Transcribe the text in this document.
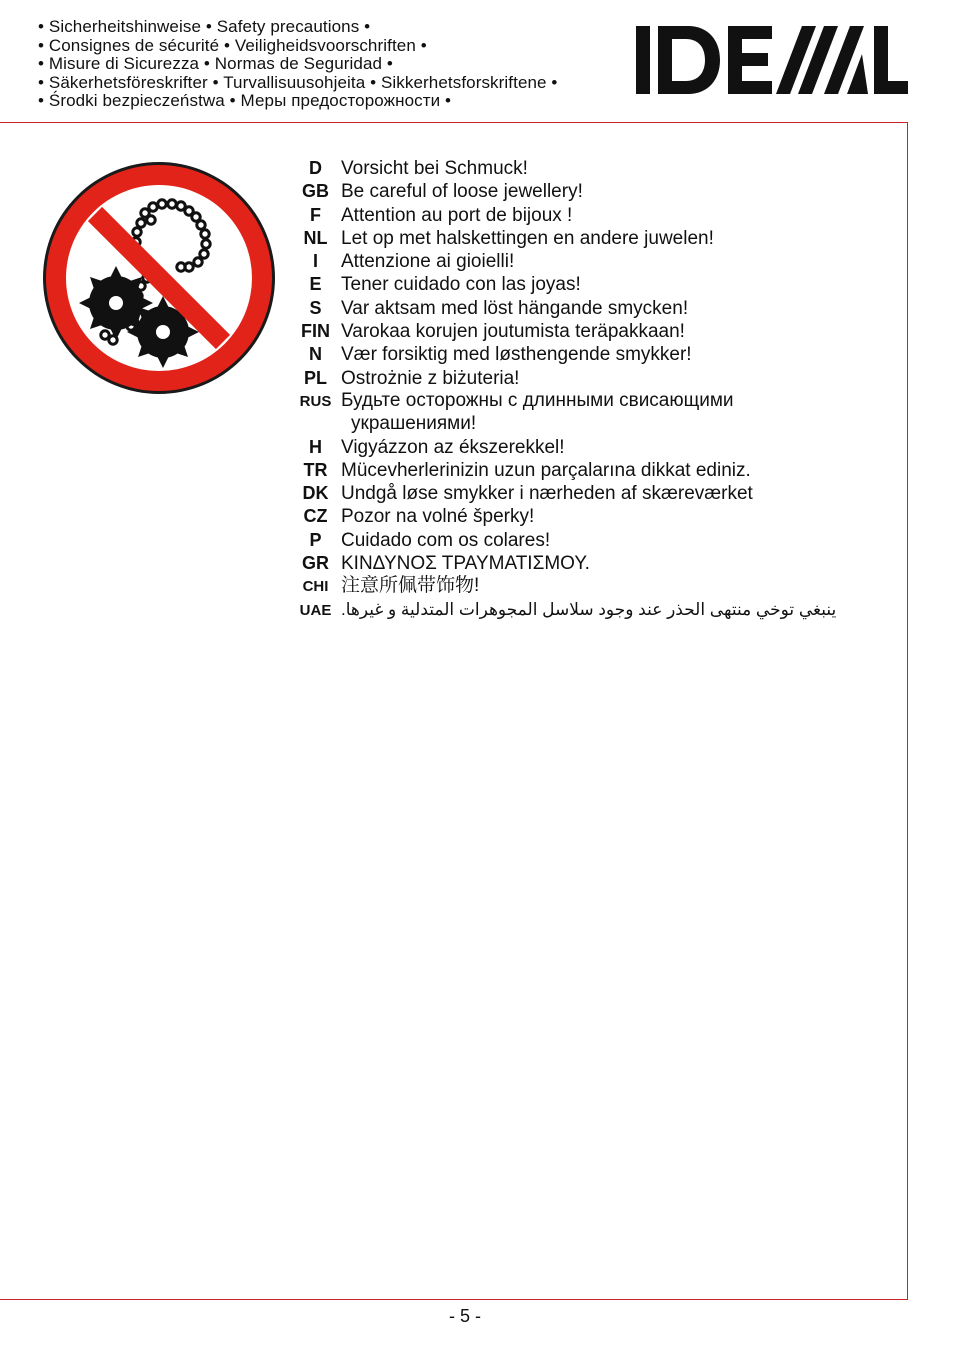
• Sicherheitshinweise • Safety precautions •
• Consignes de sécurité • Veiligheidsvoorschriften •
• Misure di Sicurezza • Normas de Seguridad •
• Säkerhetsföreskrifter • Turvallisuusohjeita • Sikkerhetsforskriftene •
• Środki bezpieczeństwa • Меры предосторожности •
D	Vorsicht bei Schmuck!
GB Be careful of loose jewellery!
F	Attention au port de bijoux !
NL Let op met halskettingen en andere juwelen!
I	Attenzione ai gioielli!
E	Tener cuidado con las joyas!
S	Var aktsam med löst hängande smycken!
FIN Varokaa korujen joutumista teräpakkaan!
N	Vær forsiktig med løsthengende smykker!
PL Ostrożnie z biżuteria!
RUS Будьте осторожны с длинными свисающими
украшениями!
H	Vigyázzon az ékszerekkel!
TR Mücevherlerinizin uzun parçalarına dikkat ediniz.
DK Undgå løse smykker i nærheden af skæreværket
CZ Pozor na volné šperky!
P	Cuidado com os colares!
GR ΚΙΝΔΥΝΟΣ ΤΡΑΥΜΑΤΙΣΜΟΥ.
CHI 注意所佩带饰物!
UAE ينبغي توخي منتهى الحذر عند وجود سلاسل المجوهرات المتدلية و غيرها.
- 5 -
